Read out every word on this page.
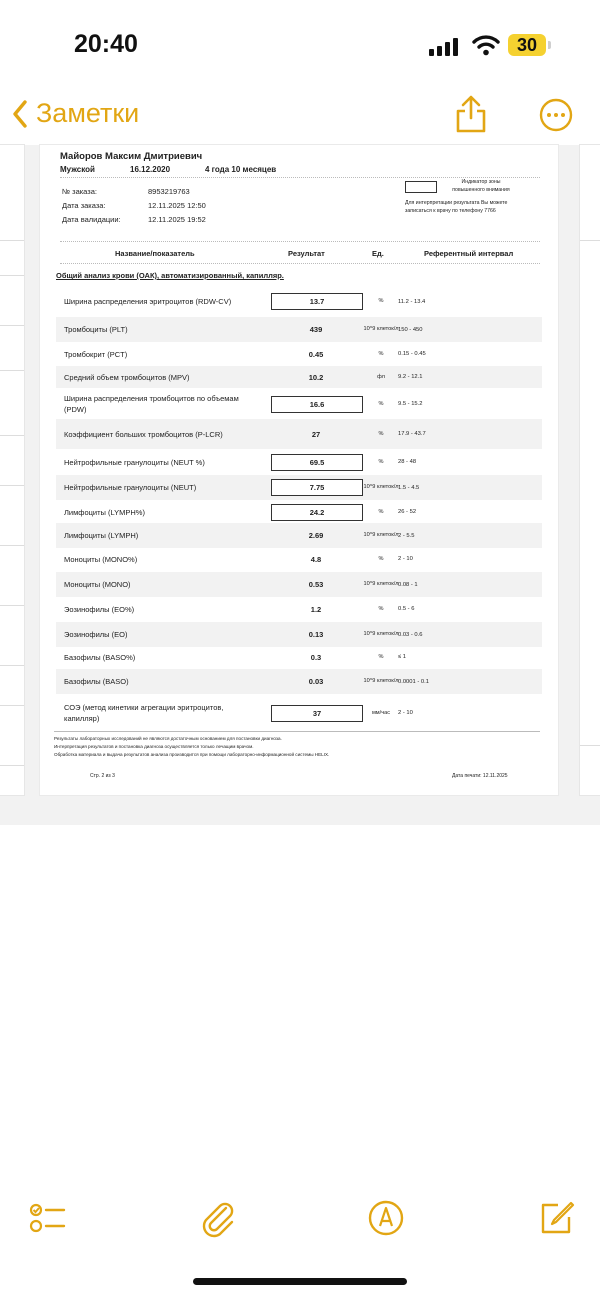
20:40	30
Заметки
Майоров Максим Дмитриевич
Мужской	16.12.2020	4 года 10 месяцев
№ заказа:	8953219763
Дата заказа:	12.11.2025 12:50
Дата валидации:	12.11.2025 19:52
Индикатор зоны повышенного внимания
Для интерпретации результата Вы можете записаться к врачу по телефону 7766
Название/показатель	Результат	Ед.	Референтный интервал
Общий анализ крови (ОАК), автоматизированный, капилляр.
Ширина распределения эритроцитов (RDW-CV)	13.7	%	11.2 - 13.4
Тромбоциты (PLT)	439	10^9 клеток/л 150 - 450
Тромбокрит (PCT)	0.45	%	0.15 - 0.45
Средний объем тромбоцитов (MPV)	10.2	фл	9.2 - 12.1
Ширина распределения тромбоцитов по объемам (PDW)
16.6	%	9.5 - 15.2
Коэффициент больших тромбоцитов (P-LCR)	27	%	17.9 - 43.7
Нейтрофильные гранулоциты (NEUT %)	69.5	%	28 - 48
Нейтрофильные гранулоциты (NEUT)	7.75	10^9 клеток/л 1.5 - 4.5
Лимфоциты (LYMPH%)	24.2	%	26 - 52
Лимфоциты (LYMPH)	2.69	10^9 клеток/л 2 - 5.5
Моноциты (MONO%)	4.8	%	2 - 10
Моноциты (MONO)	0.53	10^9 клеток/л 0.08 - 1
Эозинофилы (EO%)	1.2	%	0.5 - 6
Эозинофилы (EO)	0.13	10^9 клеток/л 0.03 - 0.6
Базофилы (BASO%)	0.3	%	≤ 1
Базофилы (BASO)	0.03	10^9 клеток/л 0.0001 - 0.1
СОЭ (метод кинетики агрегации эритроцитов, капилляр)
37	мм/час	2 - 10
Результаты лабораторных исследований не являются достаточным основанием для постановки диагноза.
Интерпретация результатов и постановка диагноза осуществляется только лечащим врачом.
Обработка материала и выдача результатов анализа производится при помощи лабораторно-информационной системы HELIX.
Стр. 2 из 3	Дата печати: 12.11.2025
